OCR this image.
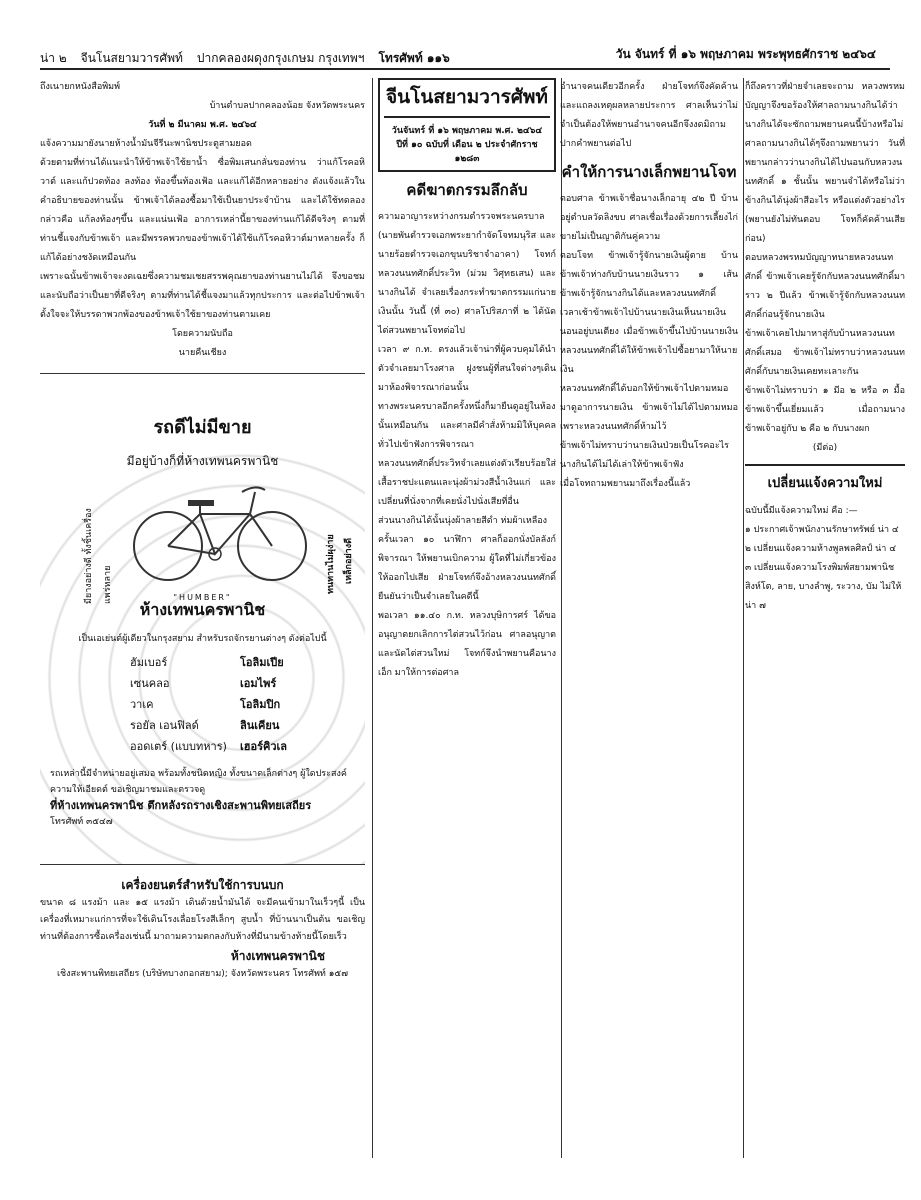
น่า ๒ จีนโนสยามวารศัพท์ ปากคลองผดุงกรุงเกษม กรุงเทพฯ โทรศัพท์ ๑๑๖	วัน จันทร์ ที่ ๑๖ พฤษภาคม พระพุทธศักราช ๒๔๖๔
ถึงเนายกหนังสือพิมพ์
บ้านตำบลปากคลองน้อย จังหวัดพระนคร
วันที่ ๒ มีนาคม พ.ศ. ๒๔๖๔
แจ้งความมายังนายห้างน้ำมันจีรีนะพานิชประตูสามยอด
ด้วยตามที่ท่านได้แนะนำให้ข้าพเจ้าใช้ยาน้ำ ซื่อพิมเสนกลั่นของท่าน ว่าแก้โรคอหิวาต์ และแก้ปวดท้อง ลงท้อง ท้องขึ้นท้องเฟ้อ และแก้ได้อีกหลายอย่าง ดังแจ้งแล้วในคำอธิบายของท่านนั้น ข้าพเจ้าได้ลองซื้อมาใช้เป็นยาประจำบ้าน และได้ใช้ทดลองกล่าวคือ แก้ลงท้องๆขึ้น และแน่นเฟ้อ อาการเหล่านี้ยาของท่านแก้ได้ดีจริงๆ ตามที่ท่านชี้แจงกับข้าพเจ้า และมีพรรคพวกของข้าพเจ้าได้ใช้แก้โรคอหิวาต์มาหลายครั้ง ก็แก้ได้อย่างชงัดเหมือนกัน
เพราะฉนั้นข้าพเจ้าจะงดเฉยซึ่งความชมเชยสรรพคุณยาของท่านยานไม่ได้ จึงขอชมและนับถือว่าเป็นยาที่ดีจริงๆ ตามที่ท่านได้ชี้แจงมาแล้วทุกประการ และต่อไปข้าพเจ้าตั้งใจจะให้บรรดาพวกพ้องของข้าพเจ้าใช้ยาของท่านตามเคย
โดยความนับถือ
นายคืนเชียง
รถดีไม่มีขาย
มีอยู่บ้างก็ที่ห้างเทพนครพานิช
มียางอย่างดี ทั้งชิ้นเครื่องแพร่หลาย	ทนทานไม่ผุง่าย เหล็กอย่างดี
"HUMBER"
ห้างเทพนครพานิช
เป็นเอเย่นต์ผู้เดียวในกรุงสยาม สำหรับรถจักรยานต่างๆ ดังต่อไปนี้
ฮัมเบอร์	โอลิมเปีย
เซนคลอ	เอมไพร์
วาเค	โอลิมปิก
รอยัล เอนฟิลด์	ลินเคียน
ออดเตร์ (แบบทหาร)	เฮอร์คิวเล
รถเหล่านี้มีจำหน่ายอยู่เสมอ พร้อมทั้งชนิดหญิง ทั้งขนาดเล็กต่างๆ ผู้ใดประสงค์ความให้เอียดต์ ขอเชิญมาชมและตรวจดู
ที่ห้างเทพนครพานิช ตึกหลังรถรางเชิงสะพานพิทยเสถียร
โทรศัพท์ ๓๕๔๗
เครื่องยนตร์สำหรับใช้การบนบก
ขนาด ๘ แรงม้า และ ๑๕ แรงม้า เดินด้วยน้ำมันได้ จะมีคนเข้ามาในเร็วๆนี้ เป็นเครื่องที่เหมาะแก่การที่จะใช้เดินโรงเลื่อยโรงสีเล็กๆ สูบน้ำ ที่บ้านนาเป็นต้น ขอเชิญท่านที่ต้องการซื้อเครื่องเช่นนี้ มาถามความตกลงกับห้างที่มีนามข้างท้ายนี้โดยเร็ว
ห้างเทพนครพานิช
เชิงสะพานพิทยเสถียร (บริษัทบางกอกสยาม); จังหวัดพระนคร โทรศัพท์ ๑๕๗
จีนโนสยามวารศัพท์
วันจันทร์ ที่ ๑๖ พฤษภาคม พ.ศ. ๒๔๖๔
ปีที่ ๑๐ ฉบับที่ เดือน ๒ ประจำศักราช ๑๒๘๓
คดีฆาตกรรมลึกลับ
ความอาญาระหว่างกรมตำรวจพระนครบาล (นายพันตำรวจเอกพระยากำจัดโจทมนุริส และนายร้อยตำรวจเอกขุนบริชาจำอาคา) โจทก์ หลวงนนทศักดิ์ประวิท (ม่วม วิศุทธเสน) และนางกินได้ จำเลยเรื่องกระทำฆาตกรรมแก่นายเงินนั้น วันนี้ (ที่ ๓๐) ศาลโปริสภาที่ ๒ ได้นัดไต่สวนพยานโจทต่อไป
เวลา ๙ ก.ท. ตรงแล้วเจ้าน่าที่ผู้ควบคุมได้นำตัวจำเลยมาโรงศาล ฝูงชนผู้ที่สนใจต่างๆเดินมาห้องพิจารณาก่อนนั้น
ทางพระนครบาลอีกครั้งหนึ่งก็มายืนดูอยู่ในห้องนั้นเหมือนกัน และศาลมีคำสั่งห้ามมิให้บุคคลทั่วไปเข้าฟังการพิจารณา
หลวงนนทศักดิ์ประวิทจำเลยแต่งตัวเรียบร้อยใส่เสื้อราชปะแตนและนุ่งผ้าม่วงสีน้ำเงินแก่ และเปลี่ยนที่นั่งจากที่เคยนั่งไปนั่งเสียที่อื่น
ส่วนนางกินได้นั้นนุ่งผ้าลายสีดำ ห่มผ้าเหลือง
ครั้นเวลา ๑๐ นาฬิกา ศาลก็ออกนั่งบัลลังก์พิจารณา ให้พยานเบิกความ ผู้ใดที่ไม่เกี่ยวข้องให้ออกไปเสีย ฝ่ายโจทก์จึงอ้างหลวงนนทศักดิ์ยืนยันว่าเป็นจำเลยในคดีนี้
พอเวลา ๑๑.๔๐ ก.ท. หลวงบุษิการศร์ ได้ขออนุญาตยกเลิกการไต่สวนไว้ก่อน ศาลอนุญาตและนัดไต่สวนใหม่ โจทก์จึงนำพยานคือนางเอ็ก มาให้การต่อศาล
อำนาจคนเดียวอีกครั้ง ฝ่ายโจทก์จึงคัดค้าน และแถลงเหตุผลหลายประการ ศาลเห็นว่าไม่จำเป็นต้องให้พยานอำนาจคนอีกจึงงดมิถามปากคำพยานต่อไป
คำให้การนางเล็กพยานโจท
ตอบศาล ข้าพเจ้าชื่อนางเล็กอายุ ๔๒ ปี บ้านอยู่ตำบลวัดลิงขบ ศาลเชื่อเรื่องด้วยการเลี้ยงไก่ขายไม่เป็นญาติกันคู่ความ
ตอบโจท ข้าพเจ้ารู้จักนายเงินผู้ตาย บ้านข้าพเจ้าห่างกับบ้านนายเงินราว ๑ เส้น ข้าพเจ้ารู้จักนางกินได้และหลวงนนทศักดิ์
เวลาเช้าข้าพเจ้าไปบ้านนายเงินเห็นนายเงินนอนอยู่บนเตียง เมื่อข้าพเจ้าขึ้นไปบ้านนายเงิน หลวงนนทศักดิ์ได้ให้ข้าพเจ้าไปซื้อยามาให้นายเงิน
หลวงนนทศักดิ์ได้บอกให้ข้าพเจ้าไปตามหมอมาดูอาการนายเงิน ข้าพเจ้าไม่ได้ไปตามหมอ เพราะหลวงนนทศักดิ์ห้ามไว้
ข้าพเจ้าไม่ทราบว่านายเงินป่วยเป็นโรคอะไร นางกินได้ไม่ได้เล่าให้ข้าพเจ้าฟัง
เมื่อโจทถามพยานมาถึงเรื่องนี้แล้ว
ก็ถึงคราวที่ฝ่ายจำเลยจะถาม หลวงพรหมบัญญาจึงขอร้องให้ศาลถามนางกินได้ว่า นางกินได้จะซักถามพยานคนนี้บ้างหรือไม่ ศาลถามนางกินได้ๆจึงถามพยานว่า วันที่พยานกล่าวว่านางกินได้ไปนอนกับหลวงนนทศักดิ์ ๑ ชั้นนั้น พยานจำได้หรือไม่ว่าข้างกินได้นุ่งผ้าสีอะไร หรือแต่งตัวอย่างไร (พยานยังไม่ทันตอบ โจทก็คัดค้านเสียก่อน)
ตอบหลวงพรหมบัญญาทนายหลวงนนทศักดิ์ ข้าพเจ้าเคยรู้จักกับหลวงนนทศักดิ์มาราว ๒ ปีแล้ว ข้าพเจ้ารู้จักกับหลวงนนทศักดิ์ก่อนรู้จักนายเงิน
ข้าพเจ้าเคยไปมาหาสู่กับบ้านหลวงนนทศักดิ์เสมอ ข้าพเจ้าไม่ทราบว่าหลวงนนทศักดิ์กับนายเงินเคยทะเลาะกัน
ข้าพเจ้าไม่ทราบว่า ๑ มีอ ๒ หรือ ๓ มื้อ ข้าพเจ้าขึ้นเยี่ยมแล้ว เมื่อถามนาง ข้าพเจ้าอยู่กับ ๒ คือ ๒ กับนางผก
(มีต่อ)
เปลี่ยนแจ้งความใหม่
ฉบับนี้มีแจ้งความใหม่ คือ :—
๑ ประกาศเจ้าพนักงานรักษาทรัพย์ น่า ๔
๒ เปลี่ยนแจ้งความห้างพูลพลศิลป์ น่า ๔
๓ เปลี่ยนแจ้งความโรงพิมพ์สยามพานิช สิงห์โต, ลาย, บางลำพู, ระวาง, บัม ไม่ให้น่า ๗
